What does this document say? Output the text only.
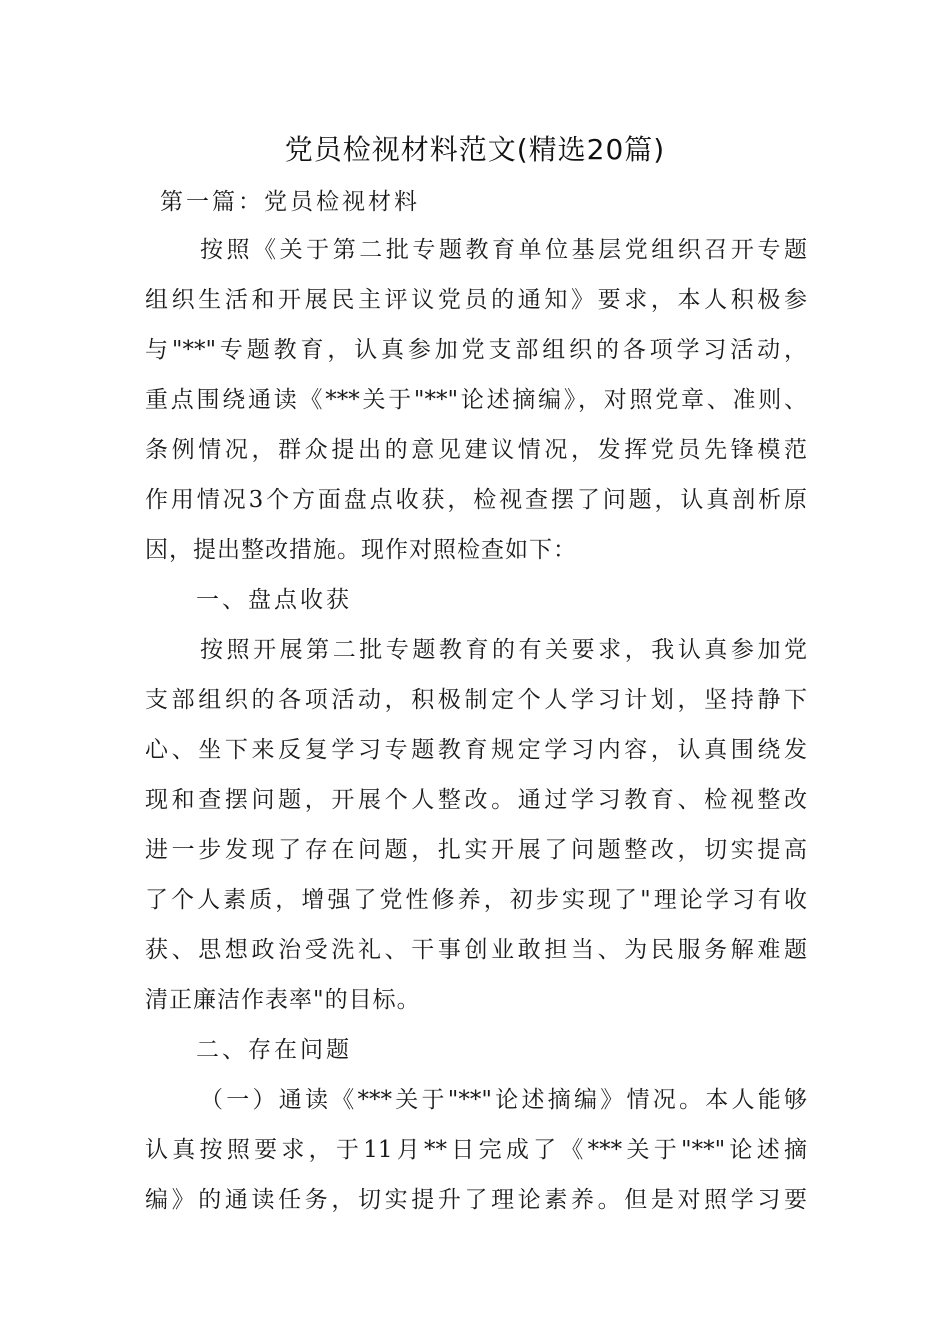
党员检视材料范文(精选20篇)
第一篇：党员检视材料
按照《关于第二批专题教育单位基层党组织召开专题
组织生活和开展民主评议党员的通知》要求，本人积极参
与"**"专题教育，认真参加党支部组织的各项学习活动，
重点围绕通读《***关于"**"论述摘编》，对照党章、准则、
条例情况，群众提出的意见建议情况，发挥党员先锋模范
作用情况3个方面盘点收获，检视查摆了问题，认真剖析原
因，提出整改措施。现作对照检查如下：
一、盘点收获
按照开展第二批专题教育的有关要求，我认真参加党
支部组织的各项活动，积极制定个人学习计划，坚持静下
心、坐下来反复学习专题教育规定学习内容，认真围绕发
现和查摆问题，开展个人整改。通过学习教育、检视整改
进一步发现了存在问题，扎实开展了问题整改，切实提高
了个人素质，增强了党性修养，初步实现了"理论学习有收
获、思想政治受洗礼、干事创业敢担当、为民服务解难题
清正廉洁作表率"的目标。
二、存在问题
（一）通读《***关于"**"论述摘编》情况。本人能够
认真按照要求，于11月**日完成了《***关于"**"论述摘
编》的通读任务，切实提升了理论素养。但是对照学习要
